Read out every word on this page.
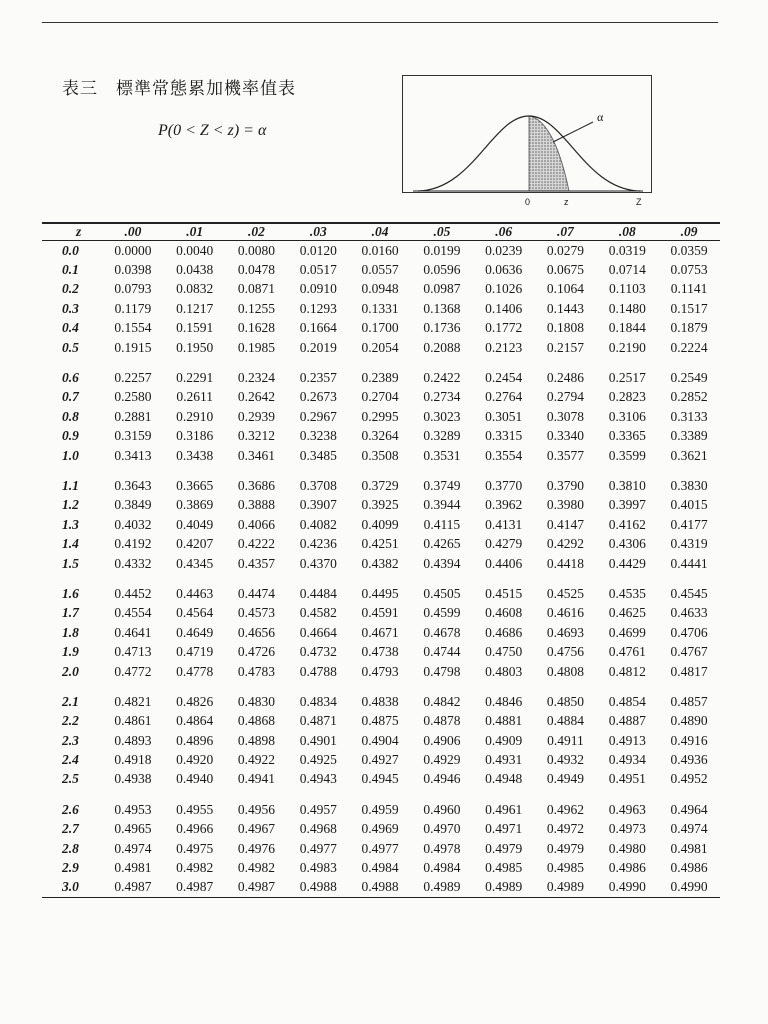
表三　標準常態累加機率值表
P(0 < Z < z) = α
α
0	z	Z
z	.00	.01	.02	.03	.04	.05	.06	.07	.08	.09
0.0	0.0000	0.0040	0.0080	0.0120	0.0160	0.0199	0.0239	0.0279	0.0319	0.0359
0.1	0.0398	0.0438	0.0478	0.0517	0.0557	0.0596	0.0636	0.0675	0.0714	0.0753
0.2	0.0793	0.0832	0.0871	0.0910	0.0948	0.0987	0.1026	0.1064	0.1103	0.1141
0.3	0.1179	0.1217	0.1255	0.1293	0.1331	0.1368	0.1406	0.1443	0.1480	0.1517
0.4	0.1554	0.1591	0.1628	0.1664	0.1700	0.1736	0.1772	0.1808	0.1844	0.1879
0.5	0.1915	0.1950	0.1985	0.2019	0.2054	0.2088	0.2123	0.2157	0.2190	0.2224

0.6	0.2257	0.2291	0.2324	0.2357	0.2389	0.2422	0.2454	0.2486	0.2517	0.2549
0.7	0.2580	0.2611	0.2642	0.2673	0.2704	0.2734	0.2764	0.2794	0.2823	0.2852
0.8	0.2881	0.2910	0.2939	0.2967	0.2995	0.3023	0.3051	0.3078	0.3106	0.3133
0.9	0.3159	0.3186	0.3212	0.3238	0.3264	0.3289	0.3315	0.3340	0.3365	0.3389
1.0	0.3413	0.3438	0.3461	0.3485	0.3508	0.3531	0.3554	0.3577	0.3599	0.3621

1.1	0.3643	0.3665	0.3686	0.3708	0.3729	0.3749	0.3770	0.3790	0.3810	0.3830
1.2	0.3849	0.3869	0.3888	0.3907	0.3925	0.3944	0.3962	0.3980	0.3997	0.4015
1.3	0.4032	0.4049	0.4066	0.4082	0.4099	0.4115	0.4131	0.4147	0.4162	0.4177
1.4	0.4192	0.4207	0.4222	0.4236	0.4251	0.4265	0.4279	0.4292	0.4306	0.4319
1.5	0.4332	0.4345	0.4357	0.4370	0.4382	0.4394	0.4406	0.4418	0.4429	0.4441

1.6	0.4452	0.4463	0.4474	0.4484	0.4495	0.4505	0.4515	0.4525	0.4535	0.4545
1.7	0.4554	0.4564	0.4573	0.4582	0.4591	0.4599	0.4608	0.4616	0.4625	0.4633
1.8	0.4641	0.4649	0.4656	0.4664	0.4671	0.4678	0.4686	0.4693	0.4699	0.4706
1.9	0.4713	0.4719	0.4726	0.4732	0.4738	0.4744	0.4750	0.4756	0.4761	0.4767
2.0	0.4772	0.4778	0.4783	0.4788	0.4793	0.4798	0.4803	0.4808	0.4812	0.4817

2.1	0.4821	0.4826	0.4830	0.4834	0.4838	0.4842	0.4846	0.4850	0.4854	0.4857
2.2	0.4861	0.4864	0.4868	0.4871	0.4875	0.4878	0.4881	0.4884	0.4887	0.4890
2.3	0.4893	0.4896	0.4898	0.4901	0.4904	0.4906	0.4909	0.4911	0.4913	0.4916
2.4	0.4918	0.4920	0.4922	0.4925	0.4927	0.4929	0.4931	0.4932	0.4934	0.4936
2.5	0.4938	0.4940	0.4941	0.4943	0.4945	0.4946	0.4948	0.4949	0.4951	0.4952

2.6	0.4953	0.4955	0.4956	0.4957	0.4959	0.4960	0.4961	0.4962	0.4963	0.4964
2.7	0.4965	0.4966	0.4967	0.4968	0.4969	0.4970	0.4971	0.4972	0.4973	0.4974
2.8	0.4974	0.4975	0.4976	0.4977	0.4977	0.4978	0.4979	0.4979	0.4980	0.4981
2.9	0.4981	0.4982	0.4982	0.4983	0.4984	0.4984	0.4985	0.4985	0.4986	0.4986
3.0	0.4987	0.4987	0.4987	0.4988	0.4988	0.4989	0.4989	0.4989	0.4990	0.4990
